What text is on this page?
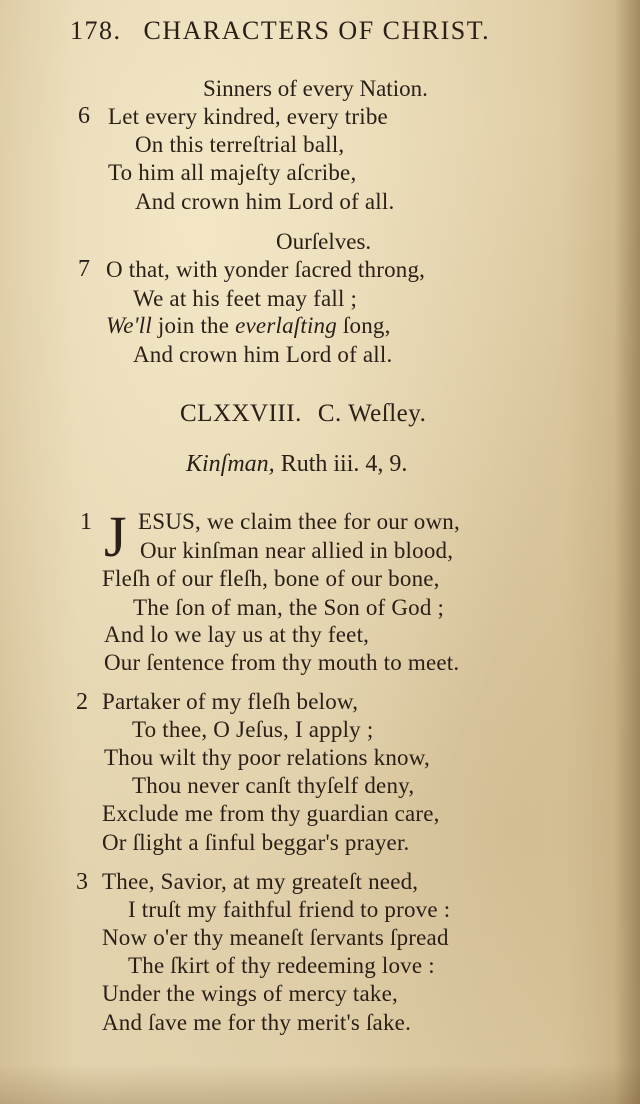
178. CHARACTERS OF CHRIST.
Sinners of every Nation.
6 Let every kindred, every tribe
On this terreſtrial ball,
To him all majeſty aſcribe,
And crown him Lord of all.
Ourſelves.
7 O that, with yonder ſacred throng,
We at his feet may fall ;
We'll join the everlaſting ſong,
And crown him Lord of all.
CLXXVIII. C. Weſley.
Kinſman, Ruth iii. 4, 9.
1 J ESUS, we claim thee for our own,
Our kinſman near allied in blood,
Fleſh of our fleſh, bone of our bone,
The ſon of man, the Son of God ;
And lo we lay us at thy feet,
Our ſentence from thy mouth to meet.
2 Partaker of my fleſh below,
To thee, O Jeſus, I apply ;
Thou wilt thy poor relations know,
Thou never canſt thyſelf deny,
Exclude me from thy guardian care,
Or ſlight a ſinful beggar's prayer.
3 Thee, Savior, at my greateſt need,
I truſt my faithful friend to prove :
Now o'er thy meaneſt ſervants ſpread
The ſkirt of thy redeeming love :
Under the wings of mercy take,
And ſave me for thy merit's ſake.
